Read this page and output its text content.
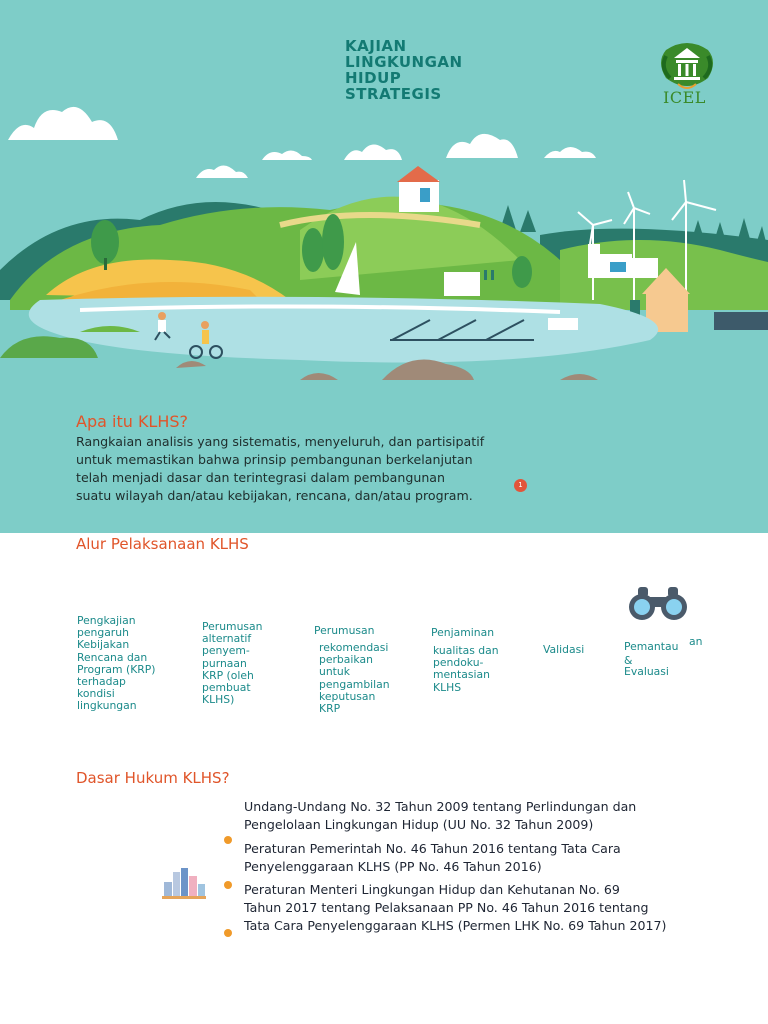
KAJIAN
LINGKUNGAN
HIDUP
STRATEGIS	ICEL
Apa itu KLHS?
Rangkaian analisis yang sistematis, menyeluruh, dan partisipatif
untuk memastikan bahwa prinsip pembangunan berkelanjutan
telah menjadi dasar dan terintegrasi dalam pembangunan
suatu wilayah dan/atau kebijakan, rencana, dan/atau program.
1
Alur Pelaksanaan KLHS
Pengkajian
pengaruh
Kebijakan
Rencana dan
Program (KRP)
terhadap
kondisi
lingkungan
Perumusan
alternatif
penyem-
purnaan
KRP (oleh
pembuat
KLHS)
Perumusan
rekomendasi
perbaikan
untuk
pengambilan
keputusan
KRP
Penjaminan
kualitas dan
pendoku-
mentasian
KLHS
Validasi	Pemantau an
&
Evaluasi
Dasar Hukum KLHS?
Undang-Undang No. 32 Tahun 2009 tentang Perlindungan dan
Pengelolaan Lingkungan Hidup (UU No. 32 Tahun 2009)
Peraturan Pemerintah No. 46 Tahun 2016 tentang Tata Cara
Penyelenggaraan KLHS (PP No. 46 Tahun 2016)
Peraturan Menteri Lingkungan Hidup dan Kehutanan No. 69
Tahun 2017 tentang Pelaksanaan PP No. 46 Tahun 2016 tentang
Tata Cara Penyelenggaraan KLHS (Permen LHK No. 69 Tahun 2017)
